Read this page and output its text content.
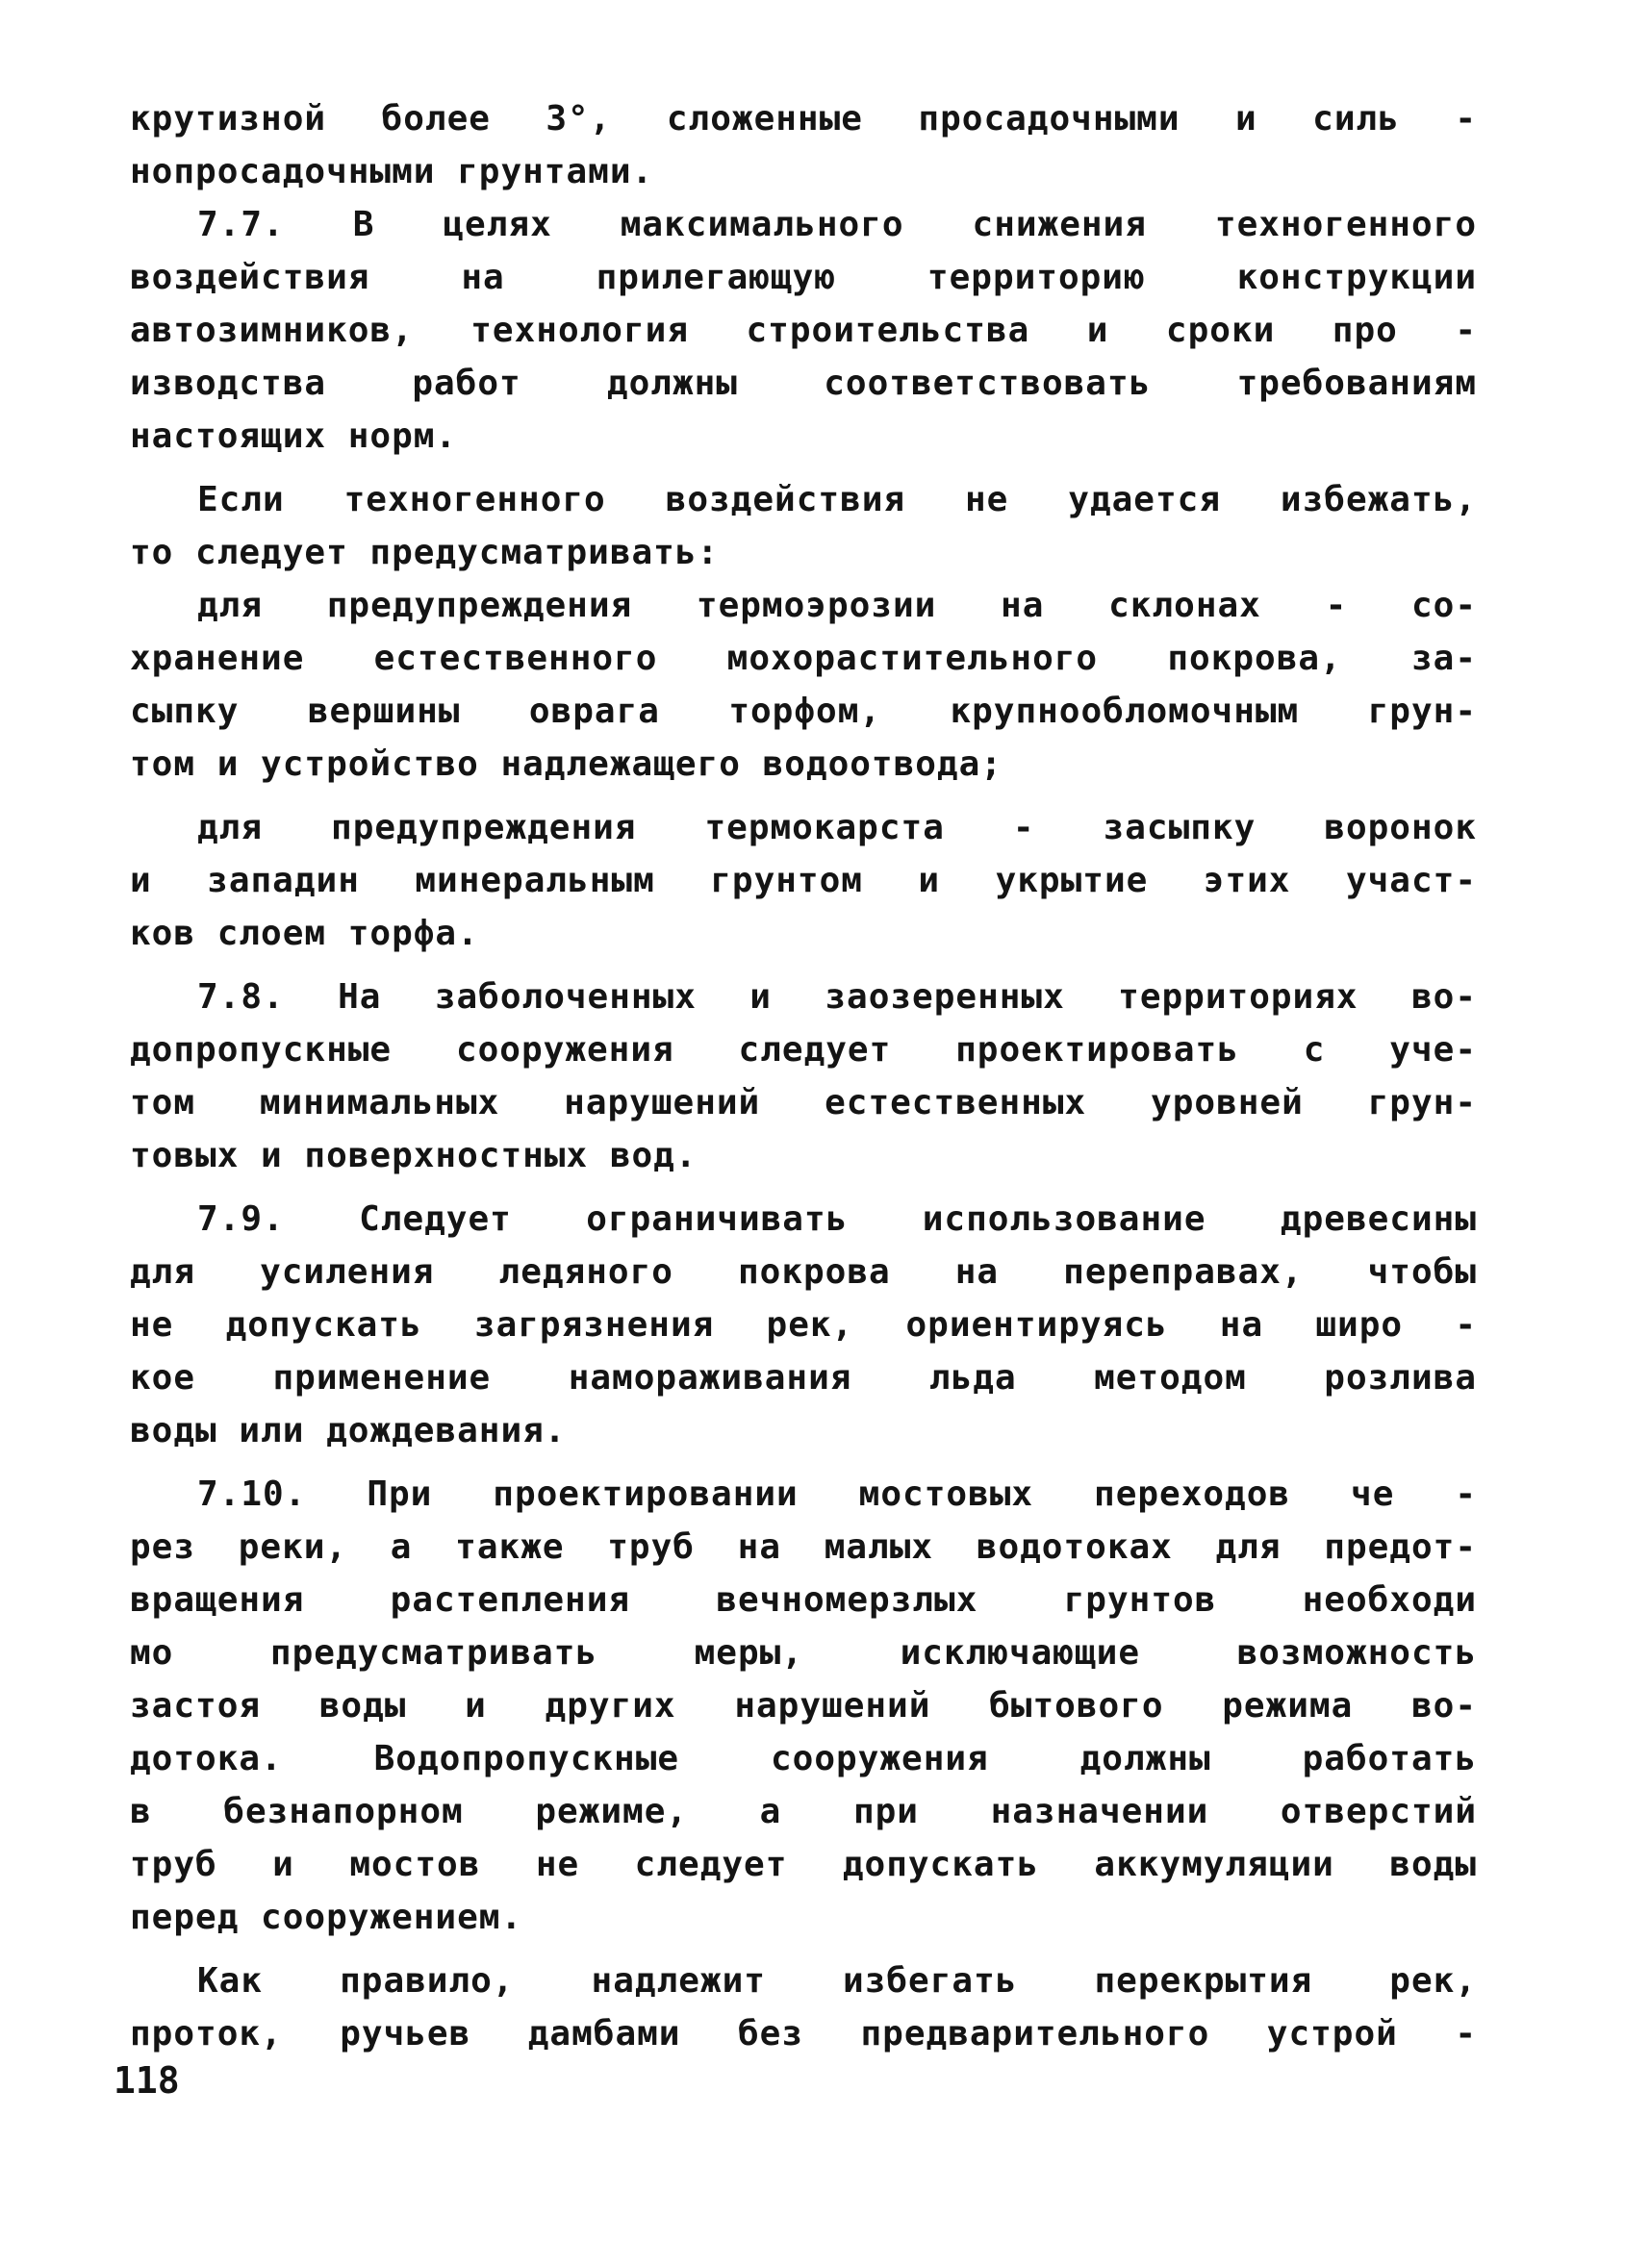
крутизной более 3°, сложенные просадочными и силь -
нопросадочными грунтами.
7.7. В целях максимального снижения техногенного
воздействия на прилегающую территорию конструкции
автозимников, технология строительства и сроки про -
изводства работ должны соответствовать требованиям
настоящих норм.
Если техногенного воздействия не удается избежать,
то следует предусматривать:
для предупреждения термоэрозии на склонах - со-
хранение естественного мохорастительного покрова, за-
сыпку вершины оврага торфом, крупнообломочным грун-
том и устройство надлежащего водоотвода;
для предупреждения термокарста - засыпку воронок
и западин минеральным грунтом и укрытие этих участ-
ков слоем торфа.
7.8. На заболоченных и заозеренных территориях во-
допропускные сооружения следует проектировать с уче-
том минимальных нарушений естественных уровней грун-
товых и поверхностных вод.
7.9. Следует ограничивать использование древесины
для усиления ледяного покрова на переправах, чтобы
не допускать загрязнения рек, ориентируясь на широ -
кое применение намораживания льда методом розлива
воды или дождевания.
7.10. При проектировании мостовых переходов че -
рез реки, а также труб на малых водотоках для предот-
вращения растепления вечномерзлых грунтов необходи
мо предусматривать меры, исключающие возможность
застоя воды и других нарушений бытового режима во-
дотока. Водопропускные сооружения должны работать
в безнапорном режиме, а при назначении отверстий
труб и мостов не следует допускать аккумуляции воды
перед сооружением.
Как правило, надлежит избегать перекрытия рек,
проток, ручьев дамбами без предварительного устрой -
118
